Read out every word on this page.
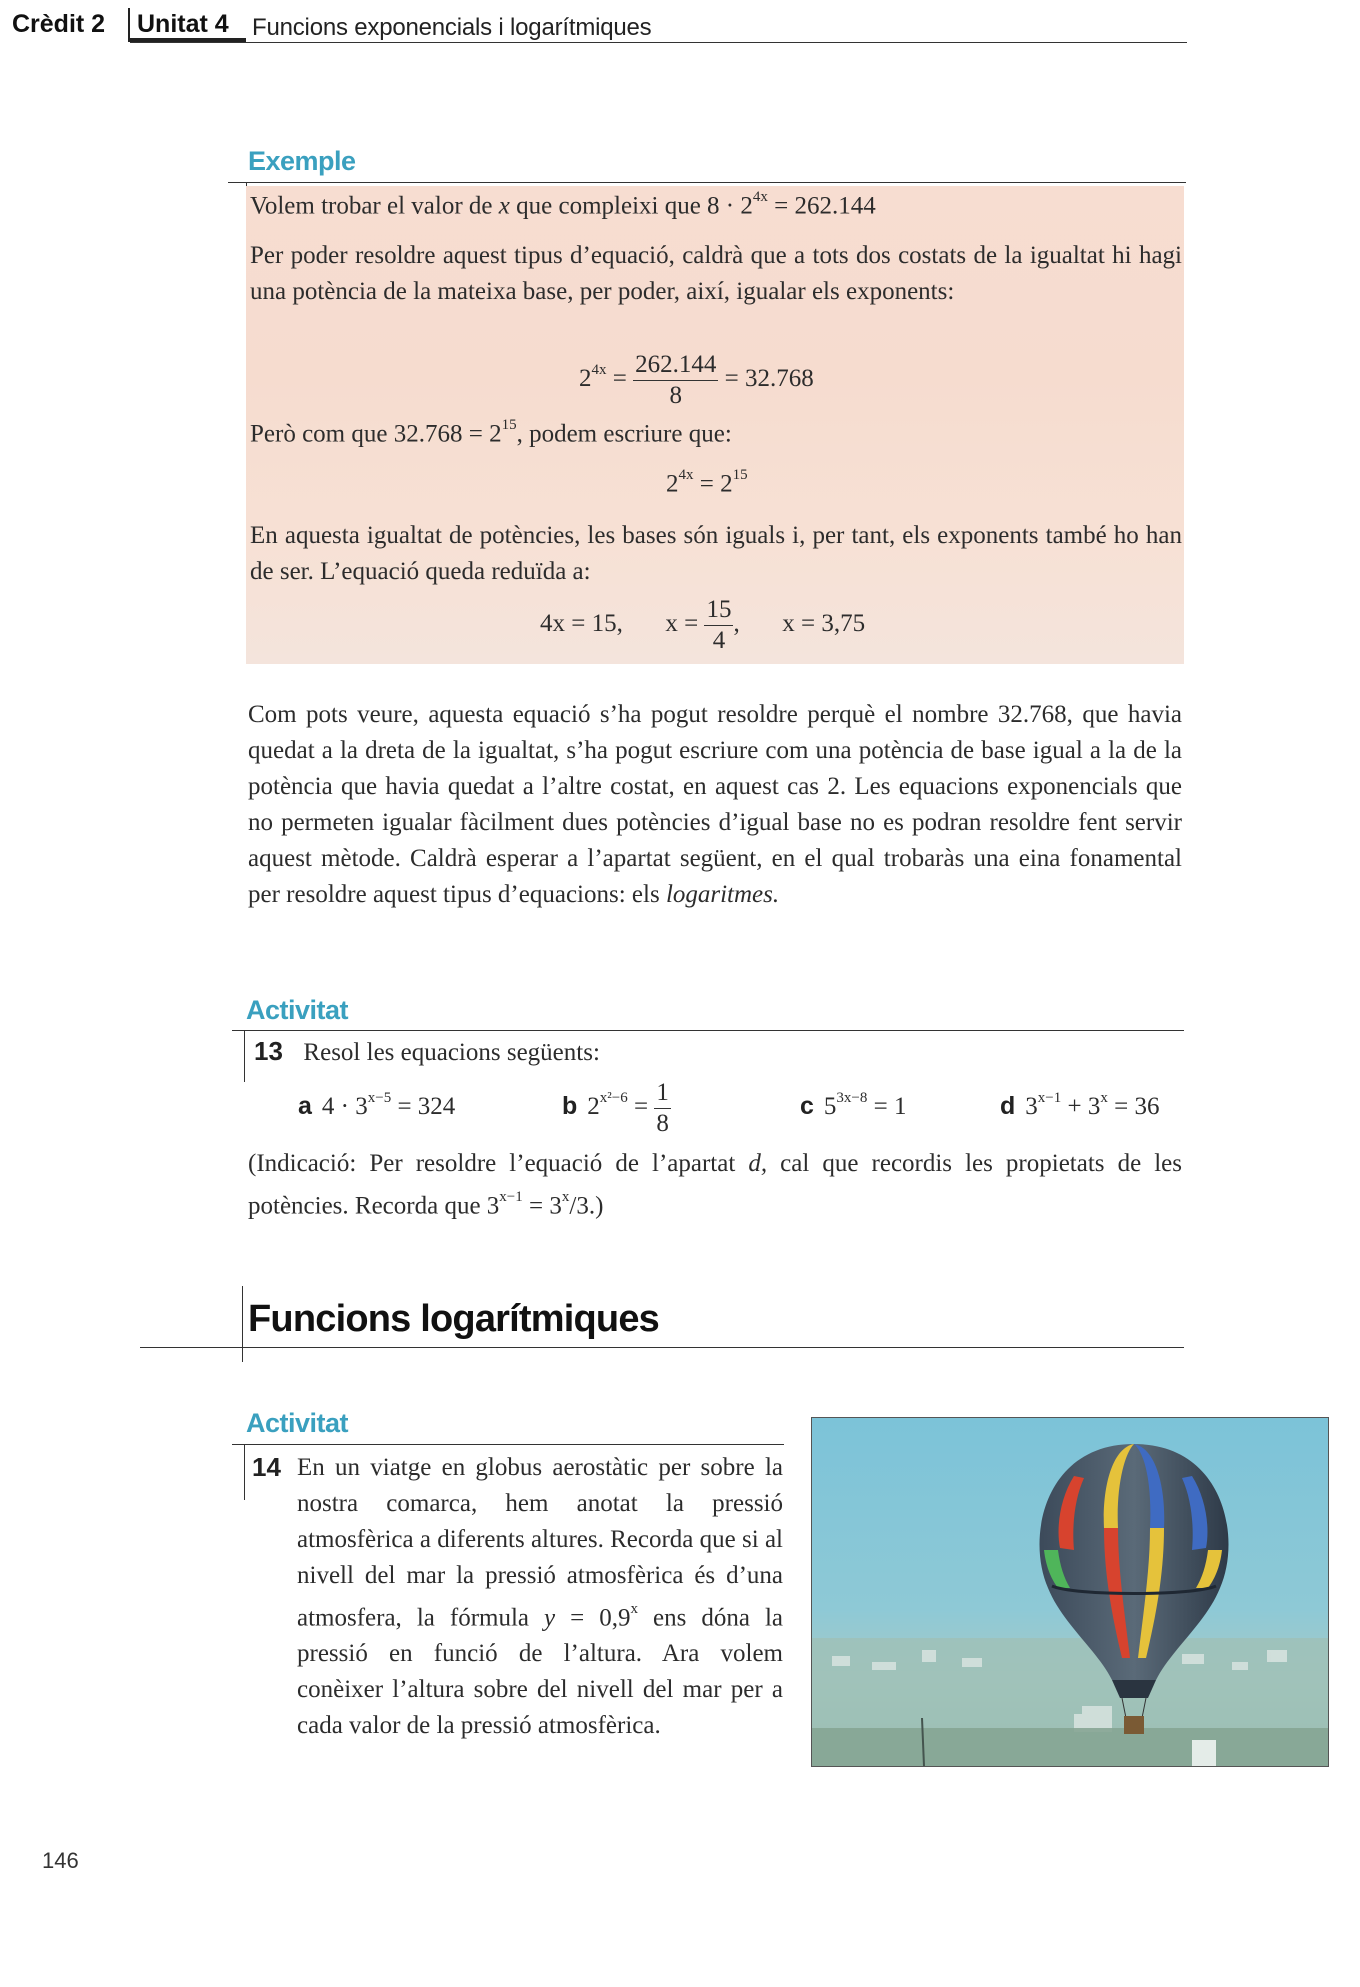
Crèdit 2 Unitat 4 Funcions exponencials i logarítmiques
Exemple
Volem trobar el valor de x que compleixi que $8 \cdot 2^{4x} = 262.144$
Per poder resoldre aquest tipus d’equació, caldrà que a tots dos costats de la igualtat hi hagi una potència de la mateixa base, per poder, així, igualar els exponents:
$2^{4x} = \frac{262.144}{8} = 32.768$
Però com que $32.768 = 2^{15}$, podem escriure que:
$2^{4x} = 2^{15}$
En aquesta igualtat de potències, les bases són iguals i, per tant, els exponents també ho han de ser. L’equació queda reduïda a:
4x = 15, $x = \frac{15}{4}$ , x = 3,75
Com pots veure, aquesta equació s’ha pogut resoldre perquè el nombre 32.768, que havia quedat a la dreta de la igualtat, s’ha pogut escriure com una potència de base igual a la de la potència que havia quedat a l’altre costat, en aquest cas 2. Les equacions exponencials que no permeten igualar fàcilment dues potències d’igual base no es podran resoldre fent servir aquest mètode. Caldrà esperar a l’apartat següent, en el qual trobaràs una eina fonamental per resoldre aquest tipus d’equacions: els logaritmes.
Activitat
13 Resol les equacions següents:
a $4 \cdot 3^{x-5} = 324$	b $2^{x^2-6} = \frac{1}{8}$	c $5^{3x-8} = 1$	d $3^{x-1} + 3^x = 36$
(Indicació: Per resoldre l’equació de l’apartat d, cal que recordis les propietats de les potències. Recorda que $3^{x-1} = 3^x/3$.)
Funcions logarítmiques
Activitat
14 En un viatge en globus aerostàtic per sobre la nostra comarca, hem anotat la pressió atmosfèrica a diferents altures. Recorda que si al nivell del mar la pressió atmosfèrica és d’una atmosfera, la fórmula $y = 0,9^x$ ens dóna la pressió en funció de l’altura. Ara volem conèixer l’altura sobre del nivell del mar per a cada valor de la pressió atmosfèrica.
146
